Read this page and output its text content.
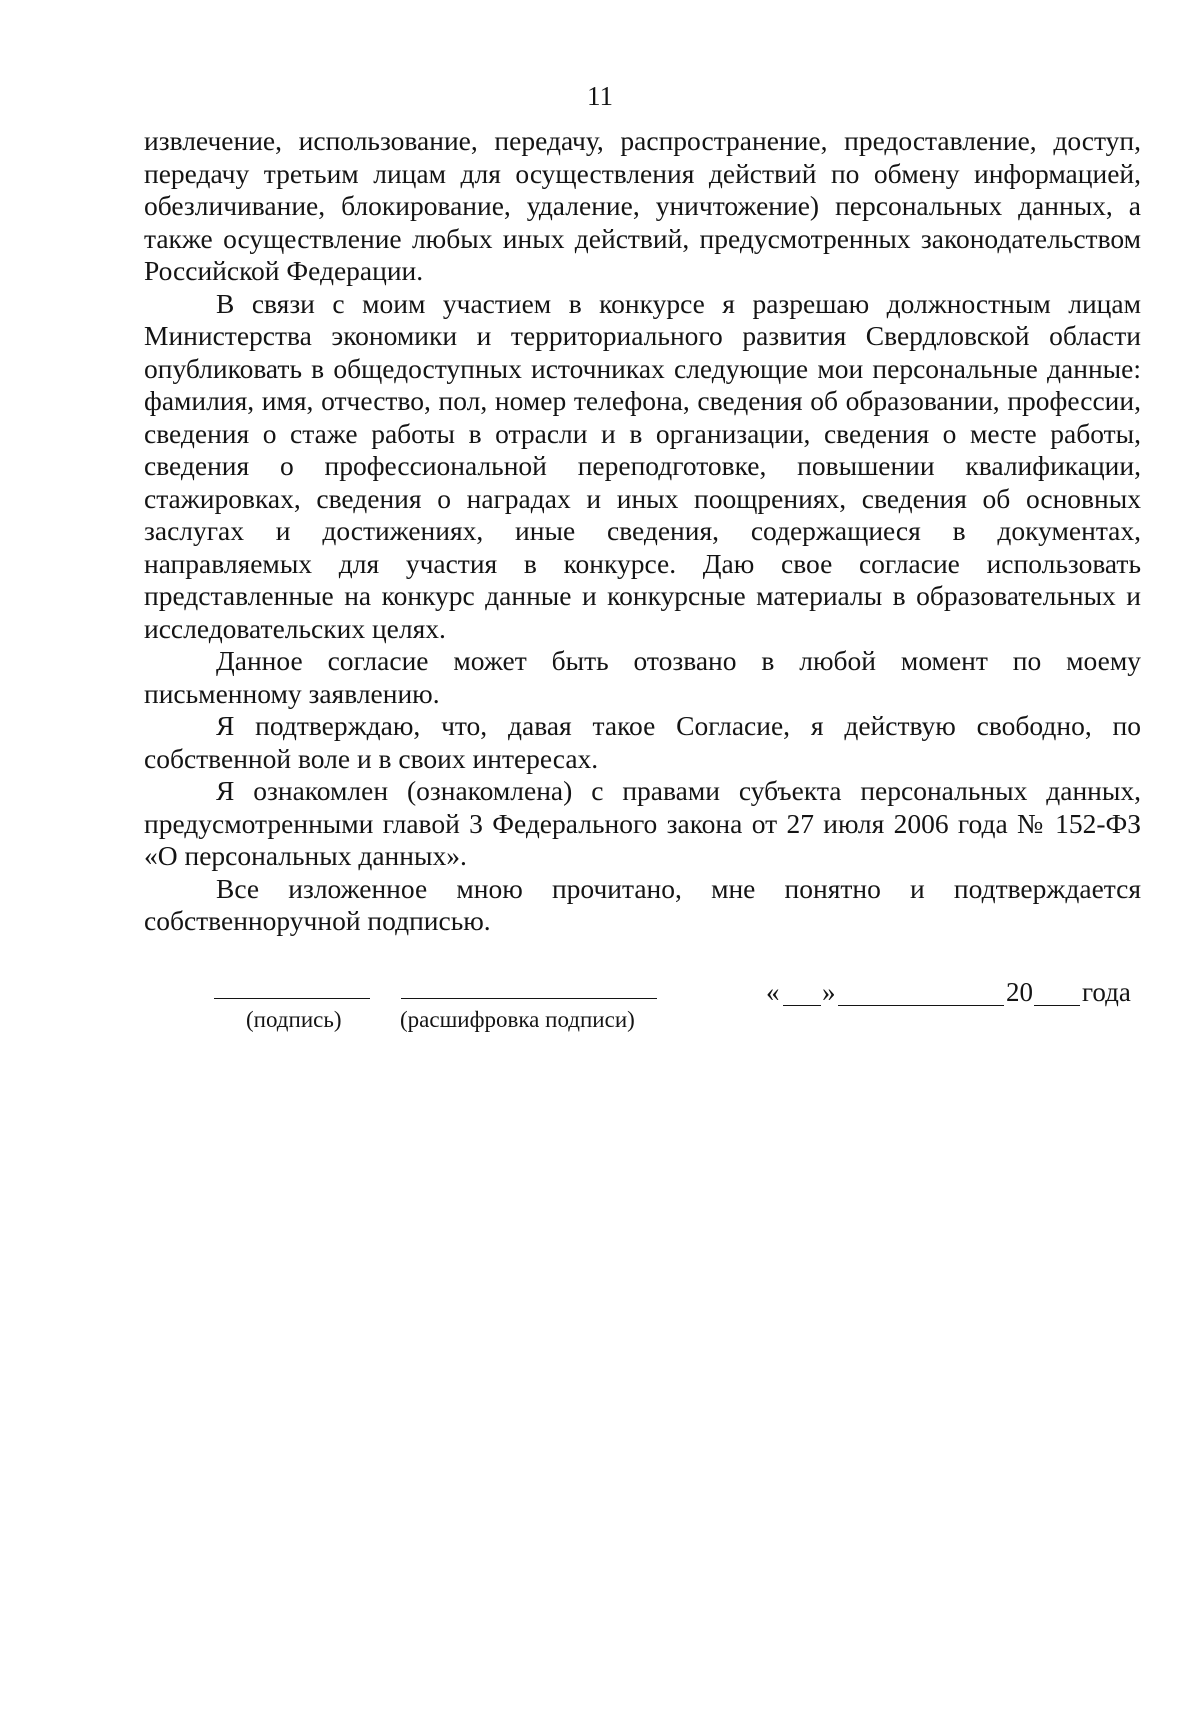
11

извлечение, использование, передачу, распространение, предоставление, доступ, передачу третьим лицам для осуществления действий по обмену информацией, обезличивание, блокирование, удаление, уничтожение) персональных данных, а также осуществление любых иных действий, предусмотренных законодательством Российской Федерации.

В связи с моим участием в конкурсе я разрешаю должностным лицам Министерства экономики и территориального развития Свердловской области опубликовать в общедоступных источниках следующие мои персональные данные: фамилия, имя, отчество, пол, номер телефона, сведения об образовании, профессии, сведения о стаже работы в отрасли и в организации, сведения о месте работы, сведения о профессиональной переподготовке, повышении квалификации, стажировках, сведения о наградах и иных поощрениях, сведения об основных заслугах и достижениях, иные сведения, содержащиеся в документах, направляемых для участия в конкурсе. Даю свое согласие использовать представленные на конкурс данные и конкурсные материалы в образовательных и исследовательских целях.

Данное согласие может быть отозвано в любой момент по моему письменному заявлению.

Я подтверждаю, что, давая такое Согласие, я действую свободно, по собственной воле и в своих интересах.

Я ознакомлен (ознакомлена) с правами субъекта персональных данных, предусмотренными главой 3 Федерального закона от 27 июля 2006 года № 152-ФЗ «О персональных данных».

Все изложенное мною прочитано, мне понятно и подтверждается собственноручной подписью.

(подпись)	(расшифровка подписи)
« »	20 года
